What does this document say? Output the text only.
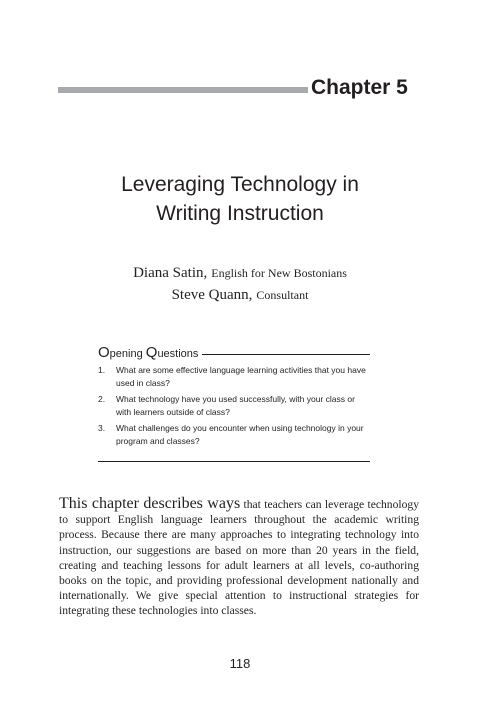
Chapter 5
Leveraging Technology in
Writing Instruction
Diana Satin, English for New Bostonians
Steve Quann, Consultant
Opening Questions
1.	What are some effective language learning activities that you have used in class?
2.	What technology have you used successfully, with your class or with learners outside of class?
3.	What challenges do you encounter when using technology in your program and classes?

This chapter describes ways that teachers can leverage technology to support English language learners throughout the academic writing process. Because there are many approaches to integrating technology into instruction, our suggestions are based on more than 20 years in the field, creating and teaching lessons for adult learners at all levels, co-authoring books on the topic, and providing professional development nationally and internationally. We give special attention to instructional strategies for integrating these technologies into classes.

118
